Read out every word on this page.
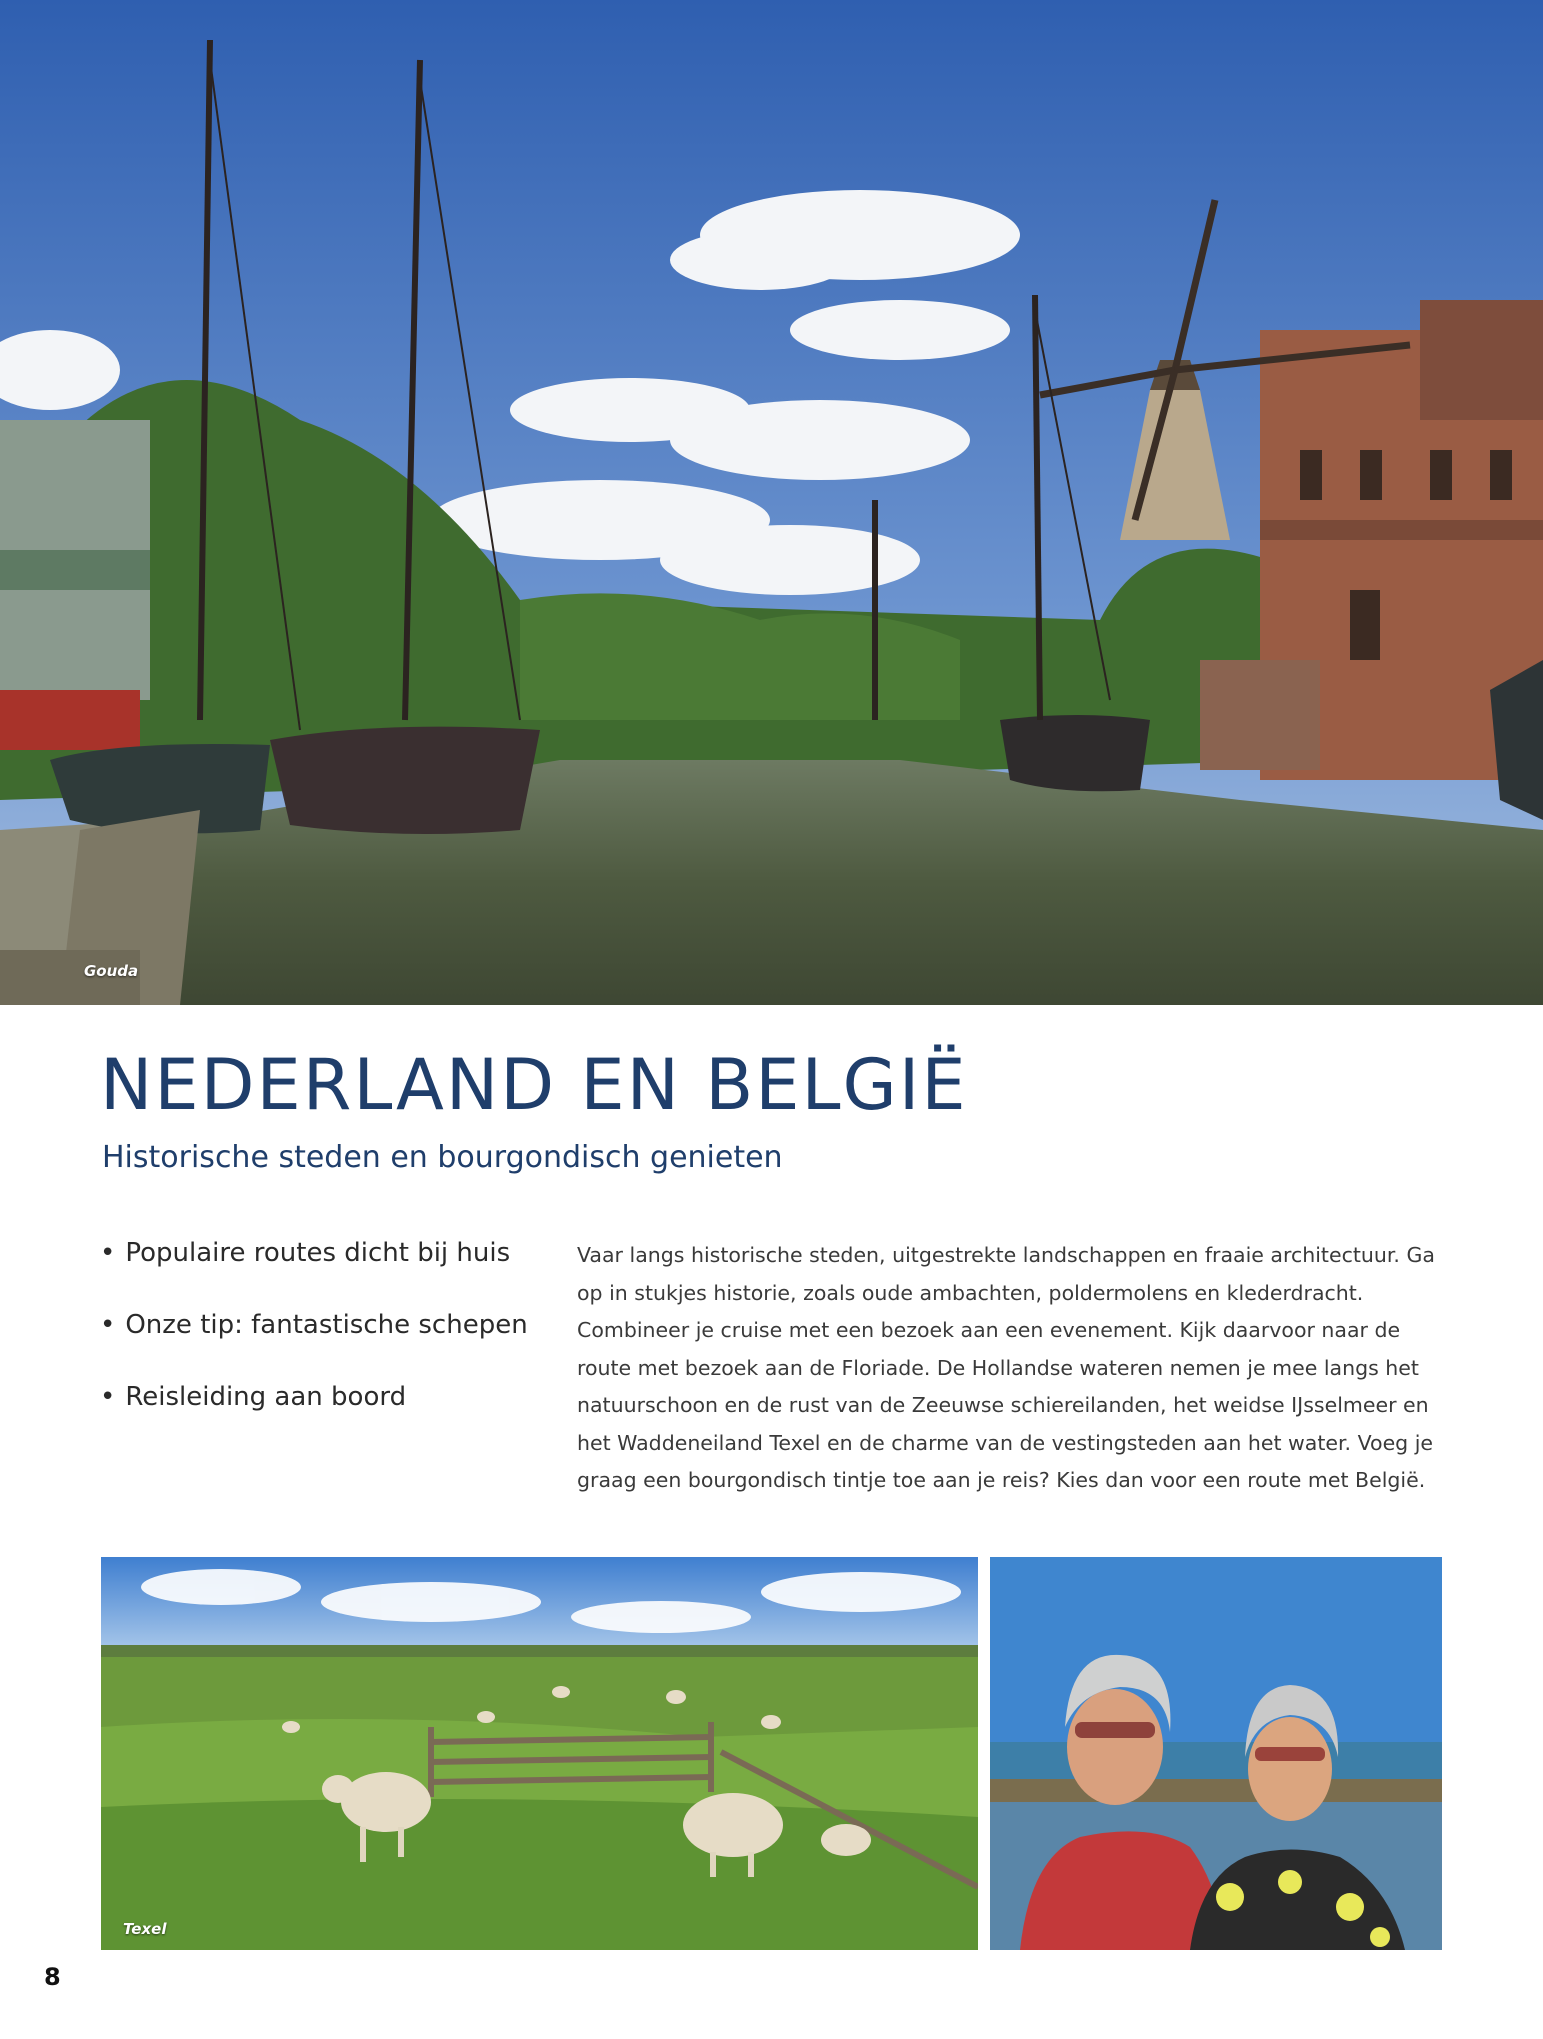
Gouda
NEDERLAND EN BELGIË
Historische steden en bourgondisch genieten
• Populaire routes dicht bij huis
• Onze tip: fantastische schepen
• Reisleiding aan boord

Vaar langs historische steden, uitgestrekte landschappen en fraaie architectuur. Ga op in stukjes historie, zoals oude ambachten, poldermolens en klederdracht. Combineer je cruise met een bezoek aan een evenement. Kijk daarvoor naar de route met bezoek aan de Floriade. De Hollandse wateren nemen je mee langs het natuurschoon en de rust van de Zeeuwse schiereilanden, het weidse IJsselmeer en het Waddeneiland Texel en de charme van de vestingsteden aan het water. Voeg je graag een bourgondisch tintje toe aan je reis? Kies dan voor een route met België.

Texel
8
